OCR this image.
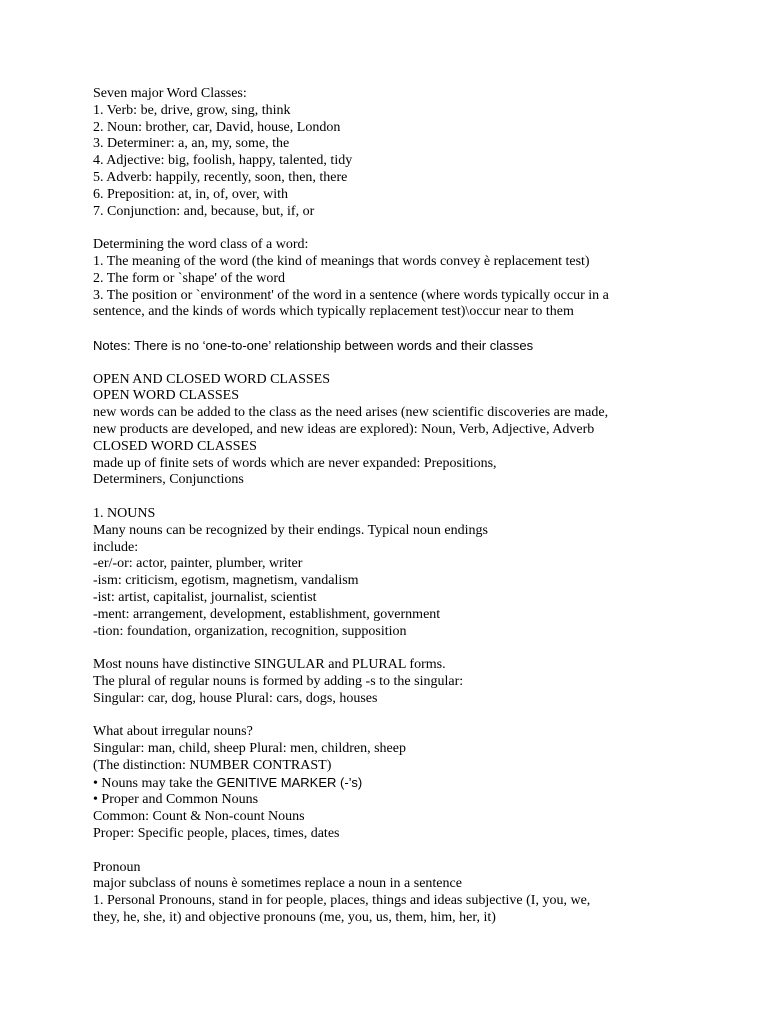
Seven major Word Classes:
1. Verb: be, drive, grow, sing, think
2. Noun: brother, car, David, house, London
3. Determiner: a, an, my, some, the
4. Adjective: big, foolish, happy, talented, tidy
5. Adverb: happily, recently, soon, then, there
6. Preposition: at, in, of, over, with
7. Conjunction: and, because, but, if, or
Determining the word class of a word:
1. The meaning of the word (the kind of meanings that words convey è replacement test)
2. The form or `shape' of the word
3. The position or `environment' of the word in a sentence (where words typically occur in a
sentence, and the kinds of words which typically replacement test)\occur near to them
Notes: There is no ‘one-to-one’ relationship between words and their classes
OPEN AND CLOSED WORD CLASSES
OPEN WORD CLASSES
new words can be added to the class as the need arises (new scientific discoveries are made,
new products are developed, and new ideas are explored): Noun, Verb, Adjective, Adverb
CLOSED WORD CLASSES
made up of finite sets of words which are never expanded: Prepositions,
Determiners, Conjunctions
1. NOUNS
Many nouns can be recognized by their endings. Typical noun endings
include:
-er/-or: actor, painter, plumber, writer
-ism: criticism, egotism, magnetism, vandalism
-ist: artist, capitalist, journalist, scientist
-ment: arrangement, development, establishment, government
-tion: foundation, organization, recognition, supposition
Most nouns have distinctive SINGULAR and PLURAL forms.
The plural of regular nouns is formed by adding -s to the singular:
Singular: car, dog, house Plural: cars, dogs, houses
What about irregular nouns?
Singular: man, child, sheep Plural: men, children, sheep
(The distinction: NUMBER CONTRAST)
• Nouns may take the GENITIVE MARKER (-’s)
• Proper and Common Nouns
Common: Count & Non-count Nouns
Proper: Specific people, places, times, dates
Pronoun
major subclass of nouns è sometimes replace a noun in a sentence
1. Personal Pronouns, stand in for people, places, things and ideas subjective (I, you, we,
they, he, she, it) and objective pronouns (me, you, us, them, him, her, it)
